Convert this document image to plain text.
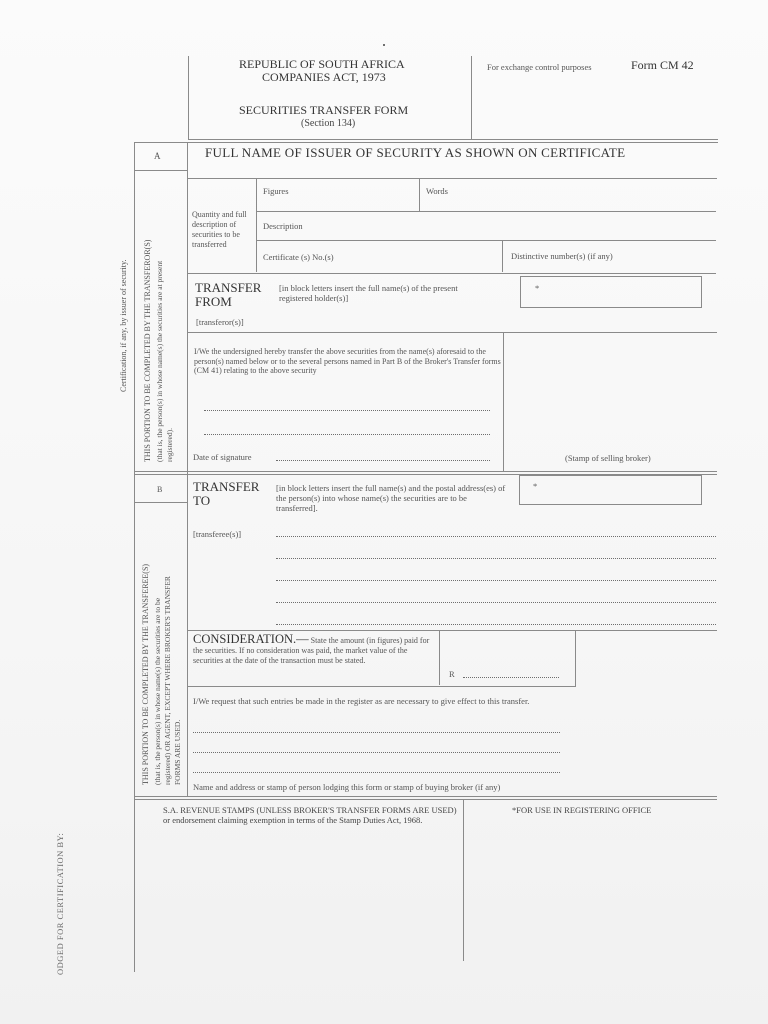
REPUBLIC OF SOUTH AFRICA
COMPANIES ACT, 1973
SECURITIES TRANSFER FORM
(Section 134)
For exchange control purposes	Form CM 42
A
Certification, if any, by issuer of security. THIS PORTION TO BE COMPLETED BY THE TRANSFEROR(S) (that is, the person(s) in whose name(s) the securities are at present registered).
FULL NAME OF ISSUER OF SECURITY AS SHOWN ON CERTIFICATE
Quantity and full description of securities to be transferred
Figures	Words
Description
Certificate (s) No.(s)	Distinctive number(s) (if any)
TRANSFER
FROM
[in block letters insert the full name(s) of the present registered holder(s)]
[transferor(s)]
*
I/We the undersigned hereby transfer the above securities from the name(s) aforesaid to the person(s) named below or to the several persons named in Part B of the Broker's Transfer forms (CM 41) relating to the above security
Date of signature	(Stamp of selling broker)
B
THIS PORTION TO BE COMPLETED BY THE TRANSFEREE(S) (that is, the person(s) in whose name(s) the securities are to be registered) OR AGENT, EXCEPT WHERE BROKER'S TRANSFER FORMS ARE USED.
TRANSFER
TO
[in block letters insert the full name(s) and the postal address(es) of the person(s) into whose name(s) the securities are to be transferred].
*
[transferee(s)]
CONSIDERATION.— State the amount (in figures) paid for the securities. If no consideration was paid, the market value of the securities at the date of the transaction must be stated.
R
I/We request that such entries be made in the register as are necessary to give effect to this transfer.
Name and address or stamp of person lodging this form or stamp of buying broker (if any)
S.A. REVENUE STAMPS (UNLESS BROKER'S TRANSFER FORMS ARE USED) or endorsement claiming exemption in terms of the Stamp Duties Act, 1968.
*FOR USE IN REGISTERING OFFICE
ODGED FOR CERTIFICATION BY:
